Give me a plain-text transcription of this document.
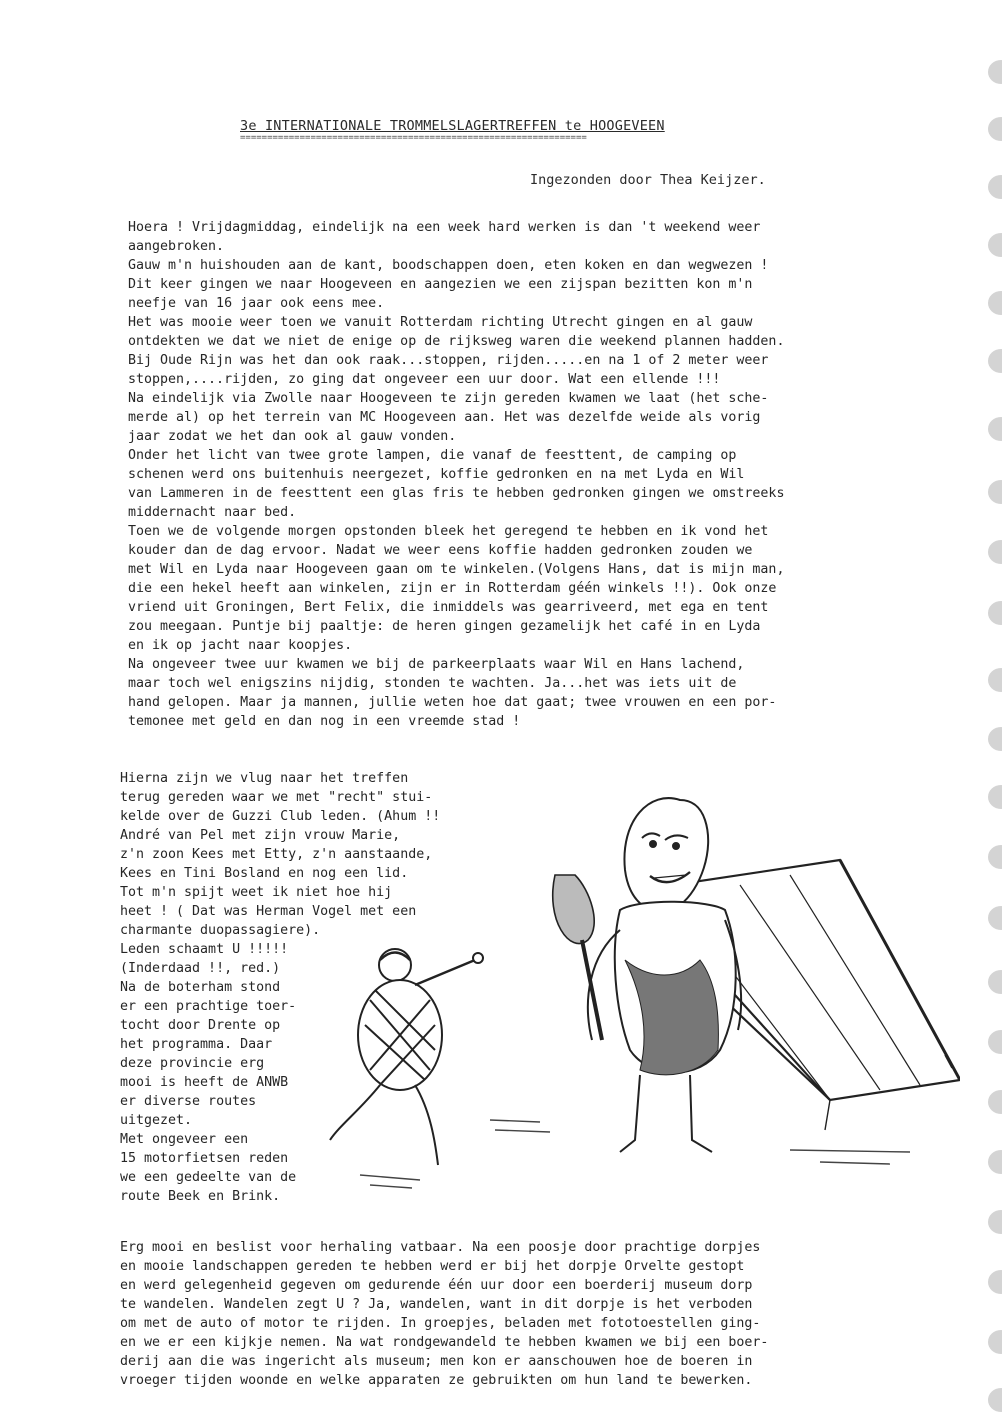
3e INTERNATIONALE TROMMELSLAGERTREFFEN te HOOGEVEEN
================================================================
Ingezonden door Thea Keijzer.
Hoera ! Vrijdagmiddag, eindelijk na een week hard werken is dan 't weekend weer
aangebroken.
Gauw m'n huishouden aan de kant, boodschappen doen, eten koken en dan wegwezen !
Dit keer gingen we naar Hoogeveen en aangezien we een zijspan bezitten kon m'n
neefje van 16 jaar ook eens mee.
Het was mooie weer toen we vanuit Rotterdam richting Utrecht gingen en al gauw
ontdekten we dat we niet de enige op de rijksweg waren die weekend plannen hadden.
Bij Oude Rijn was het dan ook raak...stoppen, rijden.....en na 1 of 2 meter weer
stoppen,....rijden, zo ging dat ongeveer een uur door. Wat een ellende !!!
Na eindelijk via Zwolle naar Hoogeveen te zijn gereden kwamen we laat (het sche-
merde al) op het terrein van MC Hoogeveen aan. Het was dezelfde weide als vorig
jaar zodat we het dan ook al gauw vonden.
Onder het licht van twee grote lampen, die vanaf de feesttent, de camping op
schenen werd ons buitenhuis neergezet, koffie gedronken en na met Lyda en Wil
van Lammeren in de feesttent een glas fris te hebben gedronken gingen we omstreeks
middernacht naar bed.
Toen we de volgende morgen opstonden bleek het geregend te hebben en ik vond het
kouder dan de dag ervoor. Nadat we weer eens koffie hadden gedronken zouden we
met Wil en Lyda naar Hoogeveen gaan om te winkelen.(Volgens Hans, dat is mijn man,
die een hekel heeft aan winkelen, zijn er in Rotterdam géén winkels !!). Ook onze
vriend uit Groningen, Bert Felix, die inmiddels was gearriveerd, met ega en tent
zou meegaan. Puntje bij paaltje: de heren gingen gezamelijk het café in en Lyda
en ik op jacht naar koopjes.
Na ongeveer twee uur kwamen we bij de parkeerplaats waar Wil en Hans lachend,
maar toch wel enigszins nijdig, stonden te wachten. Ja...het was iets uit de
hand gelopen. Maar ja mannen, jullie weten hoe dat gaat; twee vrouwen en een por-
temonee met geld en dan nog in een vreemde stad !
Hierna zijn we vlug naar het treffen
terug gereden waar we met "recht" stui-
kelde over de Guzzi Club leden. (Ahum !!
André van Pel met zijn vrouw Marie,
z'n zoon Kees met Etty, z'n aanstaande,
Kees en Tini Bosland en nog een lid.
Tot m'n spijt weet ik niet hoe hij
heet ! ( Dat was Herman Vogel met een
charmante duopassagiere).
Leden schaamt U !!!!!
(Inderdaad !!, red.)
Na de boterham stond
er een prachtige toer-
tocht door Drente op
het programma. Daar
deze provincie erg
mooi is heeft de ANWB
er diverse routes
uitgezet.
Met ongeveer een
15 motorfietsen reden
we een gedeelte van de
route Beek en Brink.
Erg mooi en beslist voor herhaling vatbaar. Na een poosje door prachtige dorpjes
en mooie landschappen gereden te hebben werd er bij het dorpje Orvelte gestopt
en werd gelegenheid gegeven om gedurende één uur door een boerderij museum dorp
te wandelen. Wandelen zegt U ? Ja, wandelen, want in dit dorpje is het verboden
om met de auto of motor te rijden. In groepjes, beladen met fototoestellen ging-
en we er een kijkje nemen. Na wat rondgewandeld te hebben kwamen we bij een boer-
derij aan die was ingericht als museum; men kon er aanschouwen hoe de boeren in
vroeger tijden woonde en welke apparaten ze gebruikten om hun land te bewerken.
